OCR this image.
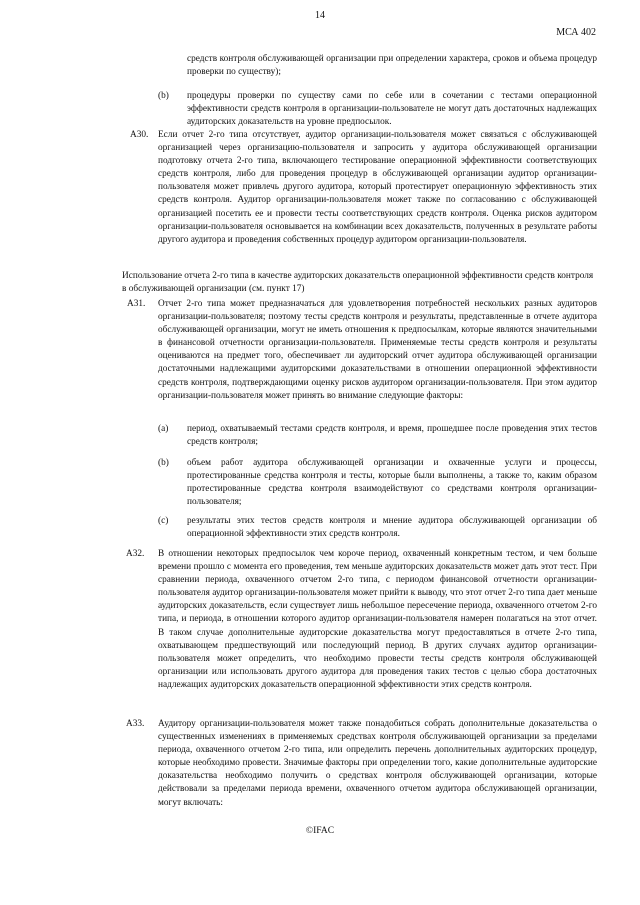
14
МСА 402
средств контроля обслуживающей организации при определении характера, сроков и объема процедур проверки по существу);
(b) процедуры проверки по существу сами по себе или в сочетании с тестами операционной эффективности средств контроля в организации-пользователе не могут дать достаточных надлежащих аудиторских доказательств на уровне предпосылок.
A30. Если отчет 2-го типа отсутствует, аудитор организации-пользователя может связаться с обслуживающей организацией через организацию-пользователя и запросить у аудитора обслуживающей организации подготовку отчета 2-го типа, включающего тестирование операционной эффективности соответствующих средств контроля, либо для проведения процедур в обслуживающей организации аудитор организации-пользователя может привлечь другого аудитора, который протестирует операционную эффективность этих средств контроля. Аудитор организации-пользователя может также по согласованию с обслуживающей организацией посетить ее и провести тесты соответствующих средств контроля. Оценка рисков аудитором организации-пользователя основывается на комбинации всех доказательств, полученных в результате работы другого аудитора и проведения собственных процедур аудитором организации-пользователя.
Использование отчета 2-го типа в качестве аудиторских доказательств операционной эффективности средств контроля в обслуживающей организации (см. пункт 17)
A31. Отчет 2-го типа может предназначаться для удовлетворения потребностей нескольких разных аудиторов организации-пользователя; поэтому тесты средств контроля и результаты, представленные в отчете аудитора обслуживающей организации, могут не иметь отношения к предпосылкам, которые являются значительными в финансовой отчетности организации-пользователя. Применяемые тесты средств контроля и результаты оцениваются на предмет того, обеспечивает ли аудиторский отчет аудитора обслуживающей организации достаточными надлежащими аудиторскими доказательствами в отношении операционной эффективности средств контроля, подтверждающими оценку рисков аудитором организации-пользователя. При этом аудитор организации-пользователя может принять во внимание следующие факторы:
(a) период, охватываемый тестами средств контроля, и время, прошедшее после проведения этих тестов средств контроля;
(b) объем работ аудитора обслуживающей организации и охваченные услуги и процессы, протестированные средства контроля и тесты, которые были выполнены, а также то, каким образом протестированные средства контроля взаимодействуют со средствами контроля организации-пользователя;
(c) результаты этих тестов средств контроля и мнение аудитора обслуживающей организации об операционной эффективности этих средств контроля.
A32. В отношении некоторых предпосылок чем короче период, охваченный конкретным тестом, и чем больше времени прошло с момента его проведения, тем меньше аудиторских доказательств может дать этот тест. При сравнении периода, охваченного отчетом 2-го типа, с периодом финансовой отчетности организации-пользователя аудитор организации-пользователя может прийти к выводу, что этот отчет 2-го типа дает меньше аудиторских доказательств, если существует лишь небольшое пересечение периода, охваченного отчетом 2-го типа, и периода, в отношении которого аудитор организации-пользователя намерен полагаться на этот отчет. В таком случае дополнительные аудиторские доказательства могут предоставляться в отчете 2-го типа, охватывающем предшествующий или последующий период. В других случаях аудитор организации-пользователя может определить, что необходимо провести тесты средств контроля обслуживающей организации или использовать другого аудитора для проведения таких тестов с целью сбора достаточных надлежащих аудиторских доказательств операционной эффективности этих средств контроля.
A33. Аудитору организации-пользователя может также понадобиться собрать дополнительные доказательства о существенных изменениях в применяемых средствах контроля обслуживающей организации за пределами периода, охваченного отчетом 2-го типа, или определить перечень дополнительных аудиторских процедур, которые необходимо провести. Значимые факторы при определении того, какие дополнительные аудиторские доказательства необходимо получить о средствах контроля обслуживающей организации, которые действовали за пределами периода времени, охваченного отчетом аудитора обслуживающей организации, могут включать:
©IFAC
